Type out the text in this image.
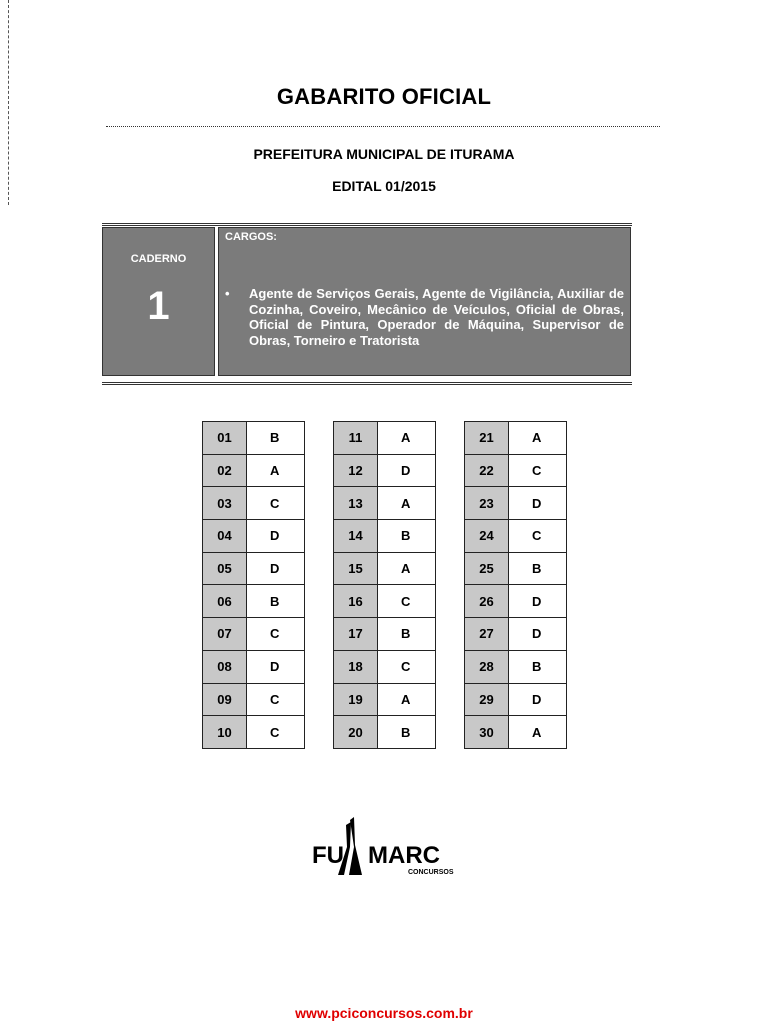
GABARITO OFICIAL
PREFEITURA MUNICIPAL DE ITURAMA
EDITAL 01/2015
CADERNO
1
CARGOS:
• Agente de Serviços Gerais, Agente de Vigilância, Auxiliar de Cozinha, Coveiro, Mecânico de Veículos, Oficial de Obras, Oficial de Pintura, Operador de Máquina, Supervisor de Obras, Torneiro e Tratorista
01	B
02	A
03	C
04	D
05	D
06	B
07	C
08	D
09	C
10	C
11	A
12	D
13	A
14	B
15	A
16	C
17	B
18	C
19	A
20	B
21	A
22	C
23	D
24	C
25	B
26	D
27	D
28	B
29	D
30	A
FU MARC
CONCURSOS
www.pciconcursos.com.br
